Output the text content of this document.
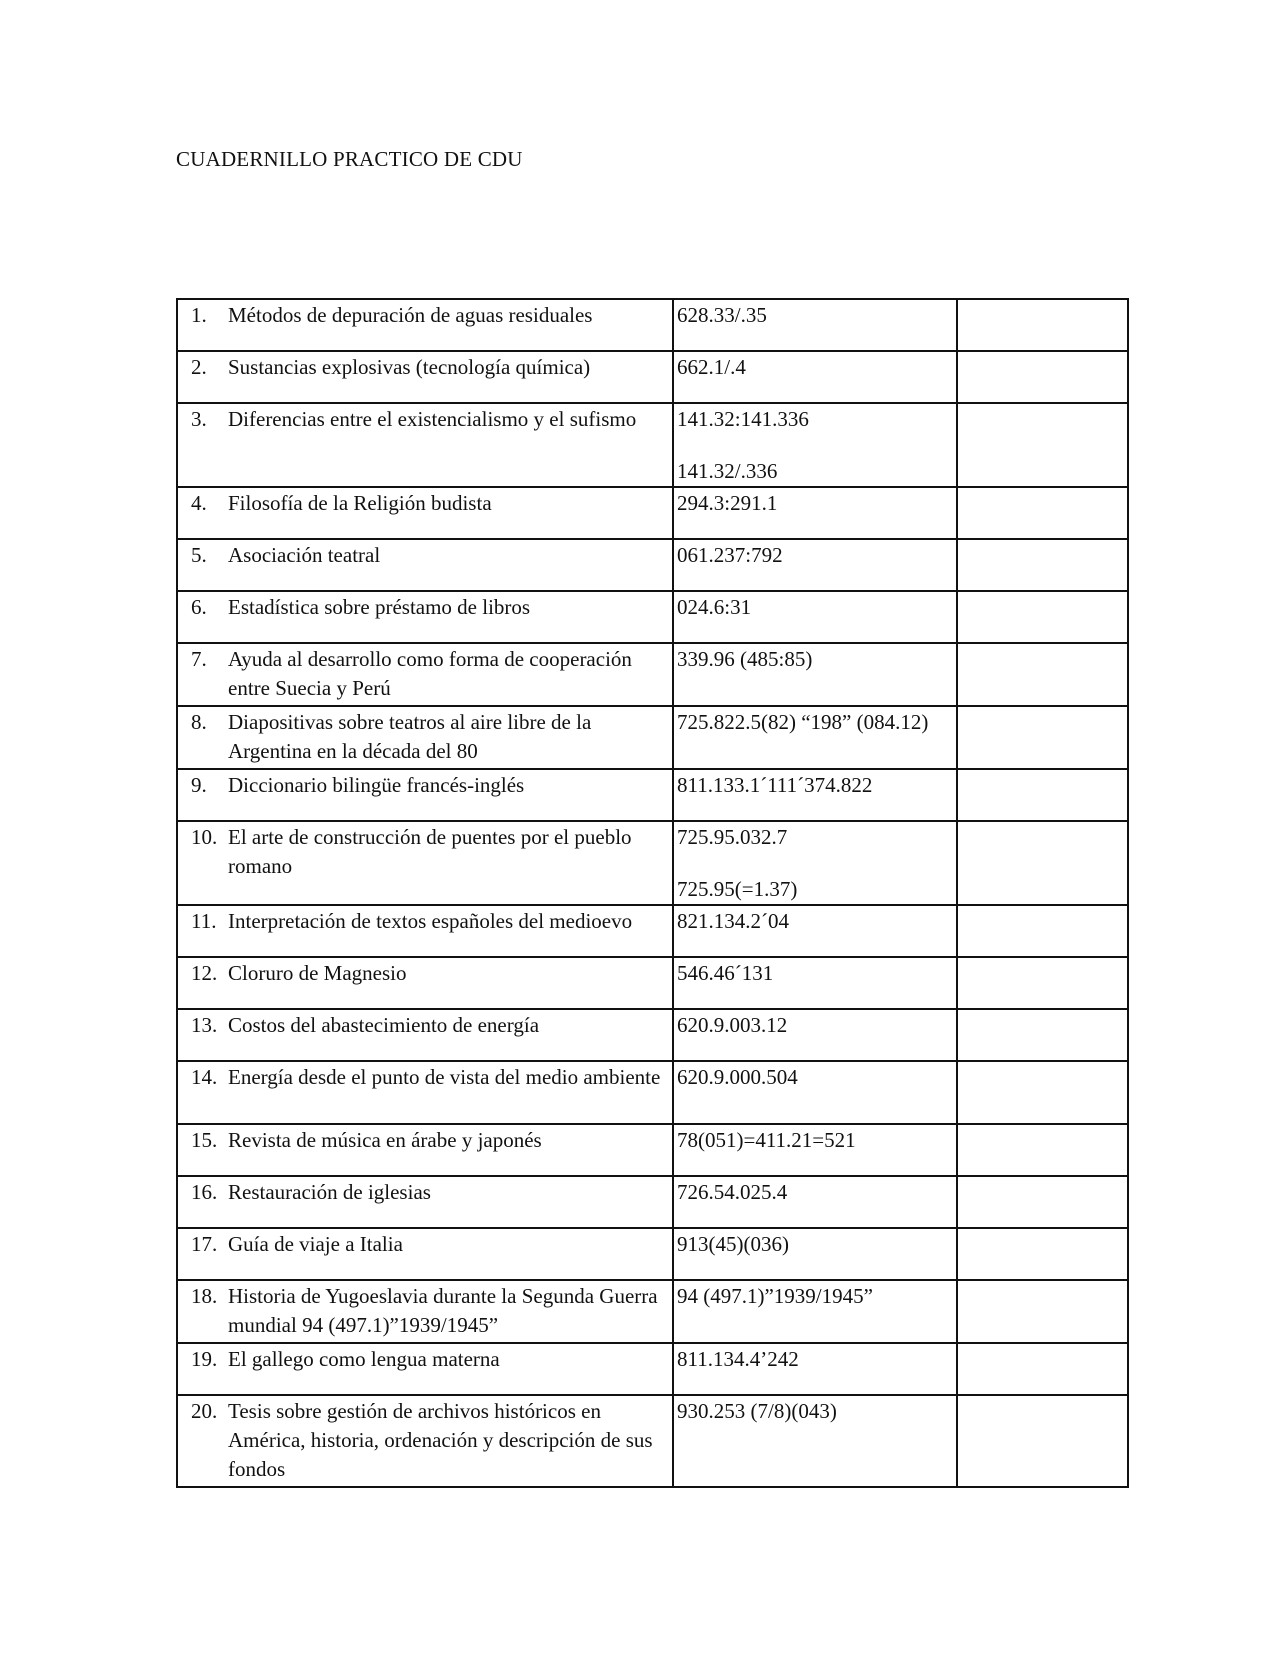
CUADERNILLO PRACTICO DE CDU
1. Métodos de depuración de aguas residuales	628.33/.35	

2. Sustancias explosivas (tecnología química)	662.1/.4	

3. Diferencias entre el existencialismo y el sufismo	141.32:141.336
141.32/.336	

4. Filosofía de la Religión budista	294.3:291.1	

5. Asociación teatral	061.237:792	

6. Estadística sobre préstamo de libros	024.6:31	

7. Ayuda al desarrollo como forma de cooperación entre Suecia y Perú	339.96 (485:85)	

8. Diapositivas sobre teatros al aire libre de la Argentina en la década del 80	725.822.5(82) “198” (084.12)	

9. Diccionario bilingüe francés-inglés	811.133.1´111´374.822	

10. El arte de construcción de puentes por el pueblo romano	725.95.032.7
725.95(=1.37)	

11. Interpretación de textos españoles del medioevo	821.134.2´04	

12. Cloruro de Magnesio	546.46´131	

13. Costos del abastecimiento de energía	620.9.003.12	

14. Energía desde el punto de vista del medio ambiente	620.9.000.504	

15. Revista de música en árabe y japonés	78(051)=411.21=521	

16. Restauración de iglesias	726.54.025.4	

17. Guía de viaje a Italia	913(45)(036)	

18. Historia de Yugoeslavia durante la Segunda Guerra mundial 94 (497.1)”1939/1945”	94 (497.1)”1939/1945”	

19. El gallego como lengua materna	811.134.4’242	

20. Tesis sobre gestión de archivos históricos en América, historia, ordenación y descripción de sus fondos	930.253 (7/8)(043)	
